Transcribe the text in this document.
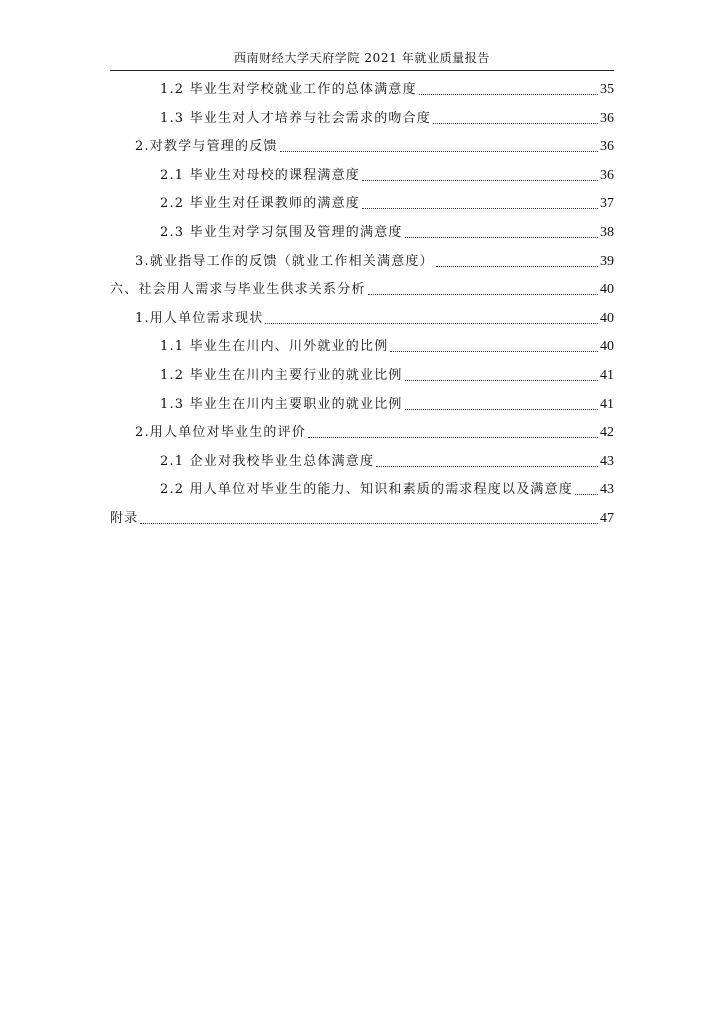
西南财经大学天府学院 2021 年就业质量报告
1.2 毕业生对学校就业工作的总体满意度	35
1.3 毕业生对人才培养与社会需求的吻合度	36
2.对教学与管理的反馈	36
2.1 毕业生对母校的课程满意度	36
2.2 毕业生对任课教师的满意度	37
2.3 毕业生对学习氛围及管理的满意度	38
3.就业指导工作的反馈（就业工作相关满意度）	39
六、社会用人需求与毕业生供求关系分析	40
1.用人单位需求现状	40
1.1 毕业生在川内、川外就业的比例	40
1.2 毕业生在川内主要行业的就业比例	41
1.3 毕业生在川内主要职业的就业比例	41
2.用人单位对毕业生的评价	42
2.1 企业对我校毕业生总体满意度	43
2.2 用人单位对毕业生的能力、知识和素质的需求程度以及满意度 43
附录	47
